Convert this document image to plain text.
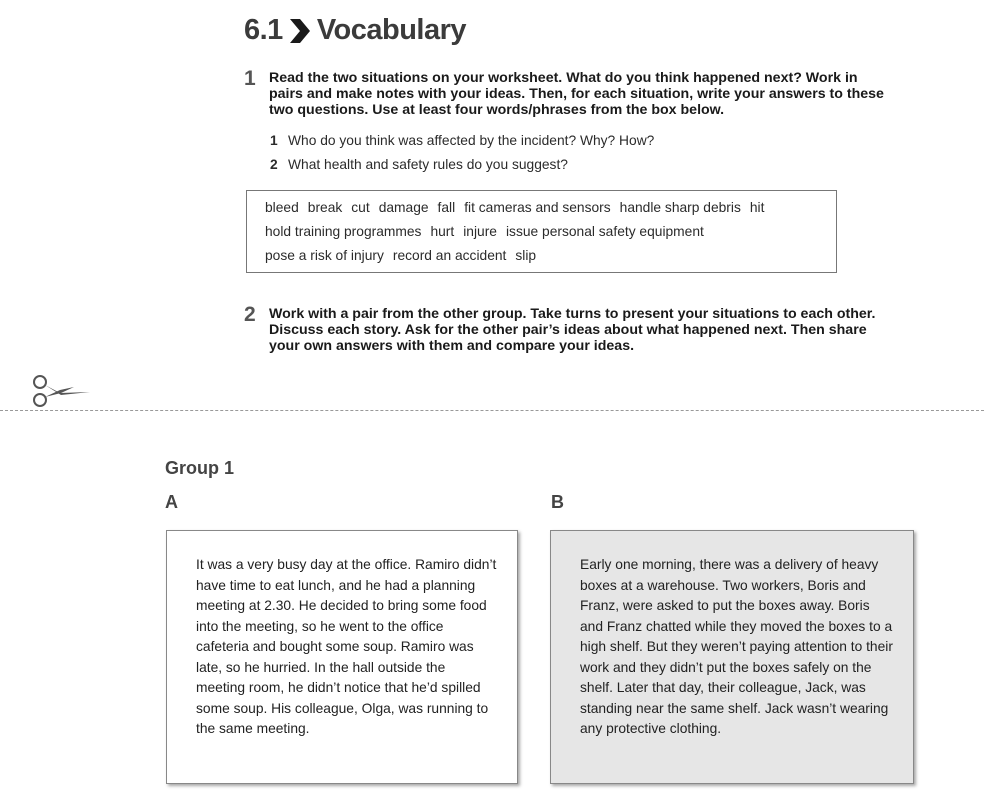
6.1 Vocabulary
1 Read the two situations on your worksheet. What do you think happened next? Work in pairs and make notes with your ideas. Then, for each situation, write your answers to these two questions. Use at least four words/phrases from the box below.
1 Who do you think was affected by the incident? Why? How?
2 What health and safety rules do you suggest?
bleed break cut damage fall fit cameras and sensors handle sharp debris hit
hold training programmes hurt injure issue personal safety equipment
pose a risk of injury record an accident slip
2 Work with a pair from the other group. Take turns to present your situations to each other. Discuss each story. Ask for the other pair’s ideas about what happened next. Then share your own answers with them and compare your ideas.
Group 1
A	B
It was a very busy day at the office. Ramiro didn’t have time to eat lunch, and he had a planning meeting at 2.30. He decided to bring some food into the meeting, so he went to the office cafeteria and bought some soup. Ramiro was late, so he hurried. In the hall outside the meeting room, he didn’t notice that he’d spilled some soup. His colleague, Olga, was running to the same meeting.
Early one morning, there was a delivery of heavy boxes at a warehouse. Two workers, Boris and Franz, were asked to put the boxes away. Boris and Franz chatted while they moved the boxes to a high shelf. But they weren’t paying attention to their work and they didn’t put the boxes safely on the shelf. Later that day, their colleague, Jack, was standing near the same shelf. Jack wasn’t wearing any protective clothing.
